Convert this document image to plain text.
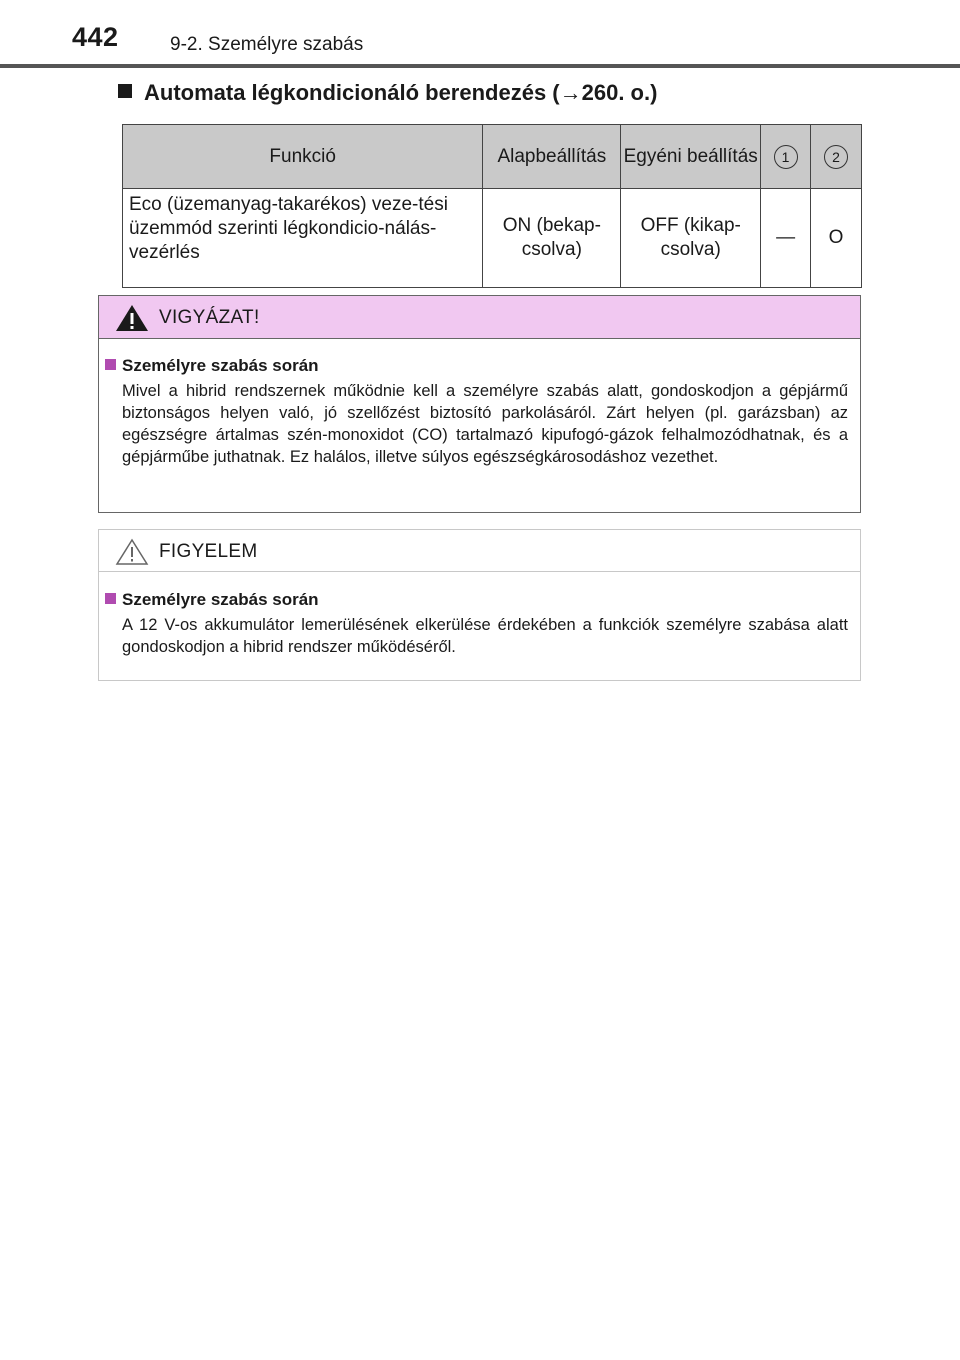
442	9-2. Személyre szabás
Automata légkondicionáló berendezés (→260. o.)
Funkció	Alapbeállítás	Egyéni beállítás	1	2
Eco (üzemanyag-takarékos) veze-tési üzemmód szerinti légkondicio-nálás-vezérlés	ON (bekap-csolva)	OFF (kikap-csolva)	—	O
VIGYÁZAT!
Személyre szabás során
Mivel a hibrid rendszernek működnie kell a személyre szabás alatt, gondoskodjon a gépjármű biztonságos helyen való, jó szellőzést biztosító parkolásáról. Zárt helyen (pl. garázsban) az egészségre ártalmas szén-monoxidot (CO) tartalmazó kipufogó-gázok felhalmozódhatnak, és a gépjárműbe juthatnak. Ez halálos, illetve súlyos egészségkárosodáshoz vezethet.
FIGYELEM
Személyre szabás során
A 12 V-os akkumulátor lemerülésének elkerülése érdekében a funkciók személyre szabása alatt gondoskodjon a hibrid rendszer működéséről.
